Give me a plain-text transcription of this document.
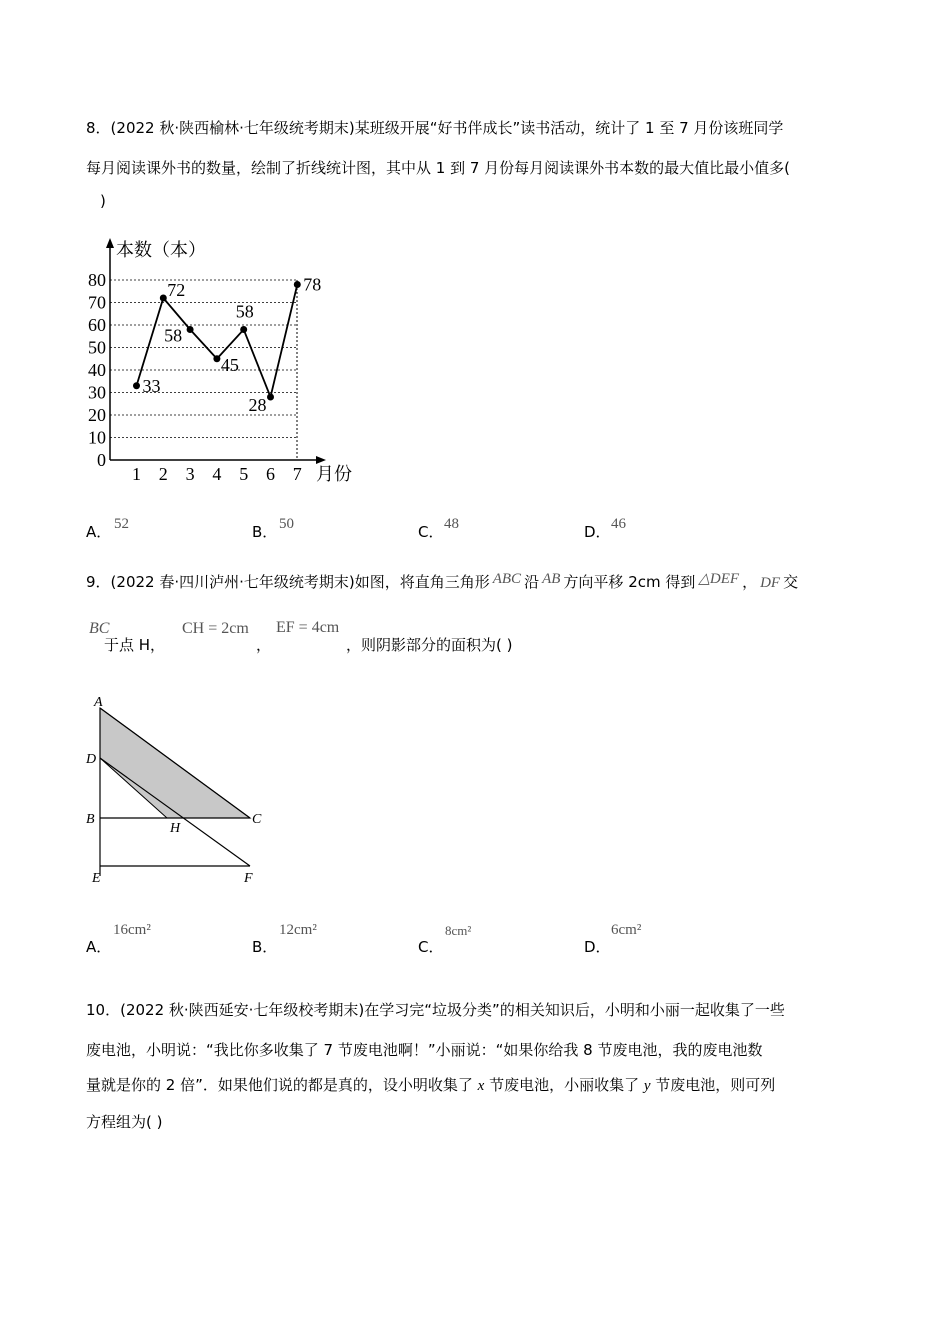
8．(2022 秋·陕西榆林·七年级统考期末)某班级开展“好书伴成长”读书活动，统计了 1 至 7 月份该班同学
每月阅读课外书的数量，绘制了折线统计图，其中从 1 到 7 月份每月阅读课外书本数的最大值比最小值多(
)
本数（本）
月份
0
10
20
30
40
50
60
70
80
1 2 3 4 5 6 7
33
72
58
45
58
28
78
A． 52	B． 50	C． 48	D． 46
9．(2022 春·四川泸州·七年级统考期末)如图，将直角三角形 ABC 沿 AB 方向平移 2cm 得到 △DEF ， DF 交
BC
于点 H，
CH = 2cm
，
EF = 4cm
，则阴影部分的面积为( )
A
D
B
H
C
E	F
A．
16cm²
B．
12cm²
C．
8cm²
D．
6cm²
10．(2022 秋·陕西延安·七年级校考期末)在学习完“垃圾分类”的相关知识后，小明和小丽一起收集了一些
废电池，小明说：“我比你多收集了 7 节废电池啊！”小丽说：“如果你给我 8 节废电池，我的废电池数
量就是你的 2 倍”．如果他们说的都是真的，设小明收集了 x 节废电池，小丽收集了 y 节废电池，则可列
方程组为( )
